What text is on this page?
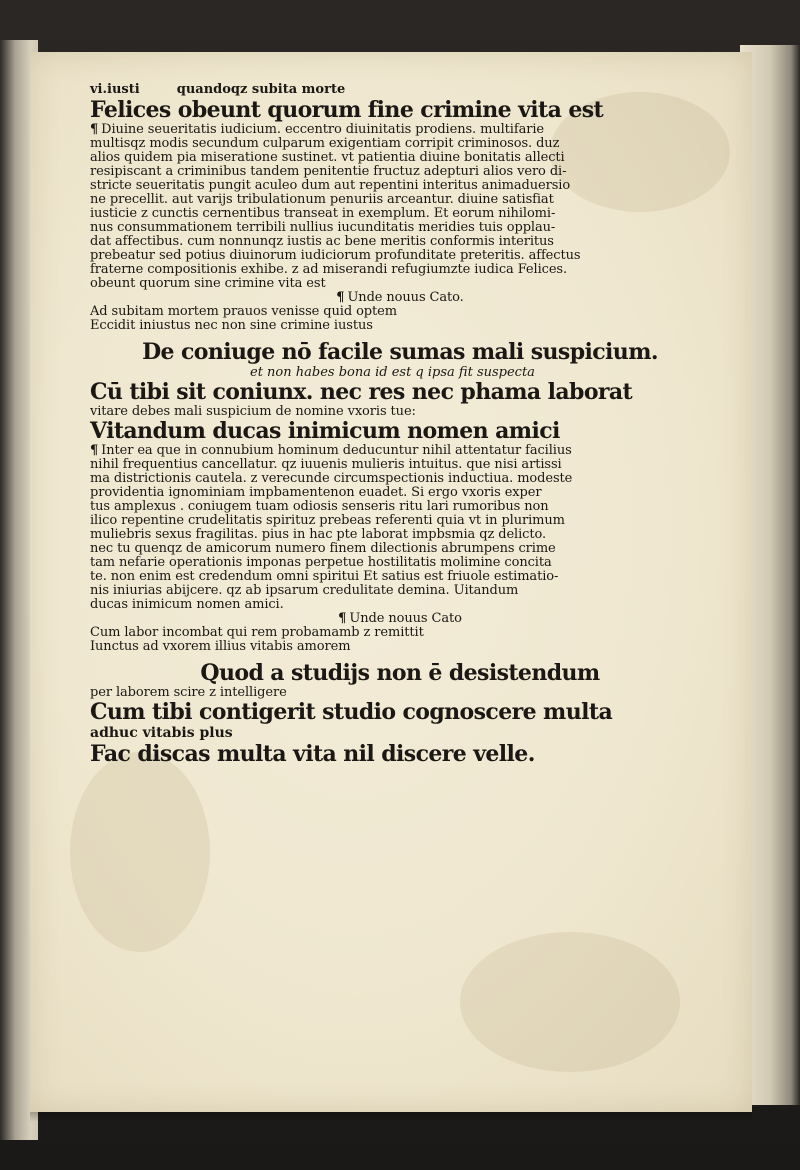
vi.iusti	quandoqz subita morte
Felices obeunt quorum fine crimine vita est
¶ Diuine seueritatis iudicium. eccentro diuinitatis prodiens. multifarie
multisqz modis secundum culparum exigentiam corripit criminosos. duz
alios quidem pia miseratione sustinet. vt patientia diuine bonitatis allecti
resipiscant a criminibus tandem penitentie fructuz adepturi alios vero di-
stricte seueritatis pungit aculeo dum aut repentini interitus animaduersio
ne precellit. aut varijs tribulationum penuriis arceantur. diuine satisfiat
iusticie z cunctis cernentibus transeat in exemplum. Et eorum nihilomi-
nus consummationem terribili nullius iucunditatis meridies tuis opplau-
dat affectibus. cum nonnunqz iustis ac bene meritis conformis interitus
prebeatur sed potius diuinorum iudiciorum profunditate preteritis. affectus
fraterne compositionis exhibe. z ad miserandi refugiumzte iudica Felices.
obeunt quorum sine crimine vita est
¶ Unde nouus Cato.
Ad subitam mortem prauos venisse quid optem
Eccidit iniustus nec non sine crimine iustus
De coniuge nō facile sumas mali suspicium.
et non habes bona id est q ipsa fit suspecta
Cū tibi sit coniunx. nec res nec phama laborat
vitare debes mali suspicium de nomine vxoris tue:
Vitandum ducas inimicum nomen amici
¶ Inter ea que in connubium hominum deducuntur nihil attentatur facilius
nihil frequentius cancellatur. qz iuuenis mulieris intuitus. que nisi artissi
ma districtionis cautela. z verecunde circumspectionis inductiua. modeste
providentia ignominiam impbamentenon euadet. Si ergo vxoris exper
tus amplexus . coniugem tuam odiosis senseris ritu lari rumoribus non
ilico repentine crudelitatis spirituz prebeas referenti quia vt in plurimum
muliebris sexus fragilitas. pius in hac pte laborat impbsmia qz delicto.
nec tu quenqz de amicorum numero finem dilectionis abrumpens crime
tam nefarie operationis imponas perpetue hostilitatis molimine concita
te. non enim est credendum omni spiritui Et satius est friuole estimatio-
nis iniurias abijcere. qz ab ipsarum credulitate demina. Uitandum
ducas inimicum nomen amici.
¶ Unde nouus Cato
Cum labor incombat qui rem probamamb z remittit
Iunctus ad vxorem illius vitabis amorem
Quod a studijs non ē desistendum
per laborem scire z intelligere
Cum tibi contigerit studio cognoscere multa
adhuc vitabis plus
Fac discas multa vita nil discere velle.
